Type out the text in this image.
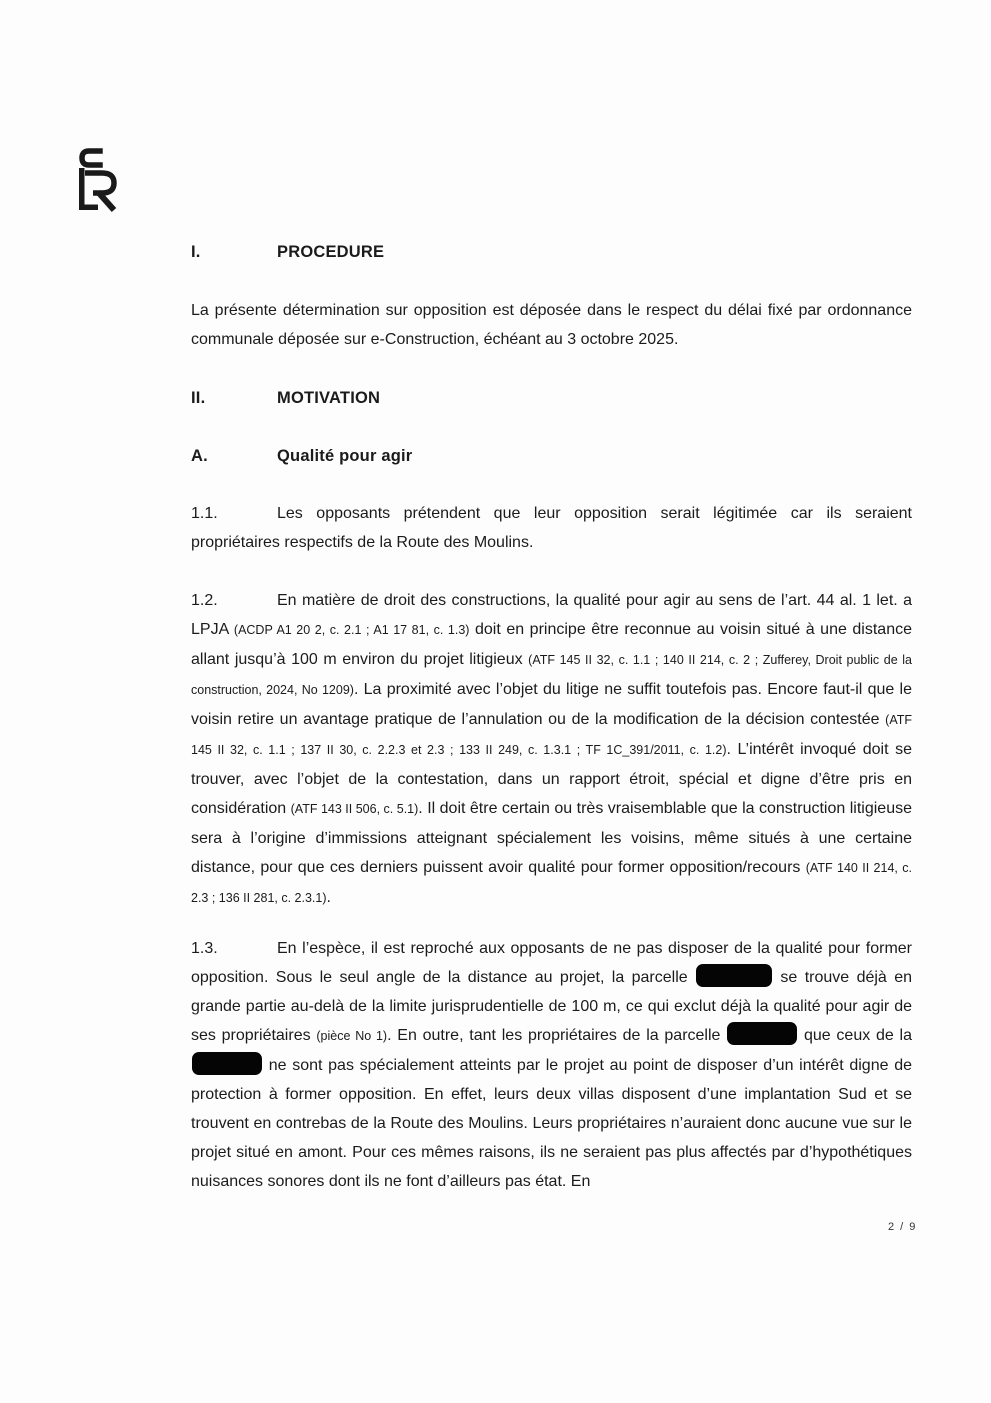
I.	PROCEDURE

La présente détermination sur opposition est déposée dans le respect du délai fixé par ordonnance communale déposée sur e-Construction, échéant au 3 octobre 2025.

II.	MOTIVATION
A.	Qualité pour agir

1.1.	Les opposants prétendent que leur opposition serait légitimée car ils seraient propriétaires respectifs de la Route des Moulins.

1.2.	En matière de droit des constructions, la qualité pour agir au sens de l’art. 44 al. 1 let. a LPJA (ACDP A1 20 2, c. 2.1 ; A1 17 81, c. 1.3) doit en principe être reconnue au voisin situé à une distance allant jusqu’à 100 m environ du projet litigieux (ATF 145 II 32, c. 1.1 ; 140 II 214, c. 2 ; Zufferey, Droit public de la construction, 2024, No 1209). La proximité avec l’objet du litige ne suffit toutefois pas. Encore faut-il que le voisin retire un avantage pratique de l’annulation ou de la modification de la décision contestée (ATF 145 II 32, c. 1.1 ; 137 II 30, c. 2.2.3 et 2.3 ; 133 II 249, c. 1.3.1 ; TF 1C_391/2011, c. 1.2). L’intérêt invoqué doit se trouver, avec l’objet de la contestation, dans un rapport étroit, spécial et digne d’être pris en considération (ATF 143 II 506, c. 5.1). Il doit être certain ou très vraisemblable que la construction litigieuse sera à l’origine d’immissions atteignant spécialement les voisins, même situés à une certaine distance, pour que ces derniers puissent avoir qualité pour former opposition/recours (ATF 140 II 214, c. 2.3 ; 136 II 281, c. 2.3.1).

1.3.	En l’espèce, il est reproché aux opposants de ne pas disposer de la qualité pour former opposition. Sous le seul angle de la distance au projet, la parcelle	se trouve déjà en grande partie au-delà de la limite jurisprudentielle de 100 m, ce qui exclut déjà la qualité pour agir de ses propriétaires (pièce No 1). En outre, tant les propriétaires de la parcelle	que ceux de la  ne sont pas spécialement atteints par le projet au point de disposer d’un intérêt digne de protection à former opposition. En effet, leurs deux villas disposent d’une implantation Sud et se trouvent en contrebas de la Route des Moulins. Leurs propriétaires n’auraient donc aucune vue sur le projet situé en amont. Pour ces mêmes raisons, ils ne seraient pas plus affectés par d’hypothétiques nuisances sonores dont ils ne font d’ailleurs pas état. En

2 / 9
